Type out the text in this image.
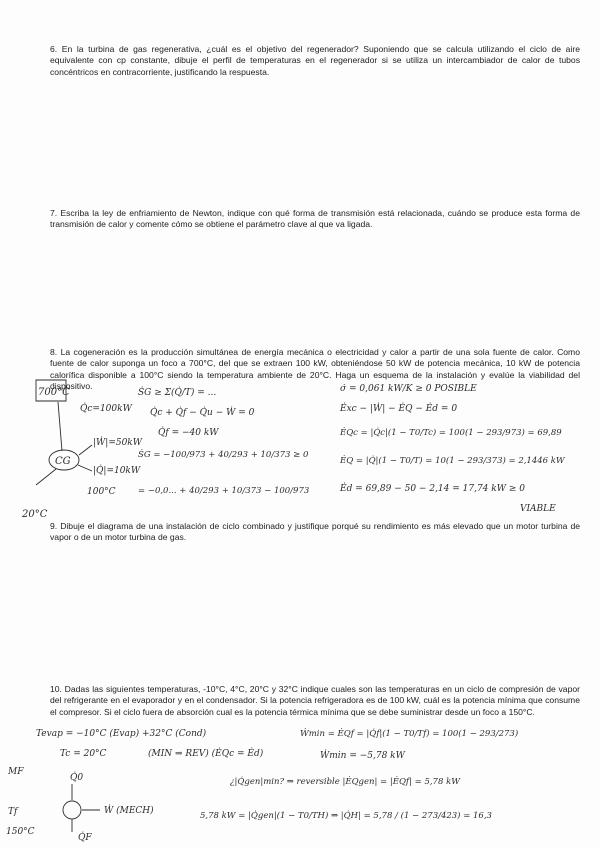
6. En la turbina de gas regenerativa, ¿cuál es el objetivo del regenerador? Suponiendo que se calcula utilizando el ciclo de aire equivalente con cp constante, dibuje el perfil de temperaturas en el regenerador si se utiliza un intercambiador de calor de tubos concéntricos en contracorriente, justificando la respuesta.
7. Escriba la ley de enfriamiento de Newton, indique con qué forma de transmisión está relacionada, cuándo se produce esta forma de transmisión de calor y comente cómo se obtiene el parámetro clave al que va ligada.
8. La cogeneración es la producción simultánea de energía mecánica o electricidad y calor a partir de una sola fuente de calor. Como fuente de calor suponga un foco a 700°C, del que se extraen 100 kW, obteniéndose 50 kW de potencia mecánica, 10 kW de potencia calorífica disponible a 100°C siendo la temperatura ambiente de 20°C. Haga un esquema de la instalación y evalúe la viabilidad del dispositivo.
9. Dibuje el diagrama de una instalación de ciclo combinado y justifique porqué su rendimiento es más elevado que un motor turbina de vapor o de un motor turbina de gas.
10. Dadas las siguientes temperaturas, -10°C, 4°C, 20°C y 32°C indique cuales son las temperaturas en un ciclo de compresión de vapor del refrigerante en el evaporador y en el condensador. Si la potencia refrigeradora es de 100 kW, cuál es la potencia mínima que consume el compresor. Si el ciclo fuera de absorción cual es la potencia térmica mínima que se debe suministrar desde un foco a 150°C.
700°C
Q̇c=100kW
CG
|Ẇ|=50kW
|Q̇|=10kW
100°C
20°C
ṠG ≥ Σ(Q̇/T) = ...
Q̇c + Q̇f − Q̇u − Ẇ = 0
Q̇f = −40 kW
ṠG = −100/973 + 40/293 + 10/373 ≥ 0
= −0,0... + 40/293 + 10/373 − 100/973
σ̇ = 0,061 kW/K ≥ 0 POSIBLE
Ėxc − |Ẇ| − ĖQ − Ėd = 0
ĖQc = |Q̇c|(1 − T0/Tc) = 100(1 − 293/973) = 69,89
ĖQ = |Q̇|(1 − T0/T) = 10(1 − 293/373) = 2,1446 kW
Ėd = 69,89 − 50 − 2,14 = 17,74 kW ≥ 0
VIABLE
Tevap = −10°C (Evap) +32°C (Cond)
Tc = 20°C	(MIN ⇒ REV) (ĖQc = Ėd)
Ẇmin = ĖQf = |Q̇f|(1 − T0/Tf) = 100(1 − 293/273)
Ẇmin = −5,78 kW
¿|Q̇gen|min? ⇒ reversible |ĖQgen| = |ĖQf| = 5,78 kW
5,78 kW = |Q̇gen|(1 − T0/TH) ⇒ |Q̇H| = 5,78 / (1 − 273/423) = 16,3
MF
Q̇0
Ẇ (MECH)
Q̇F
Tf
150°C
